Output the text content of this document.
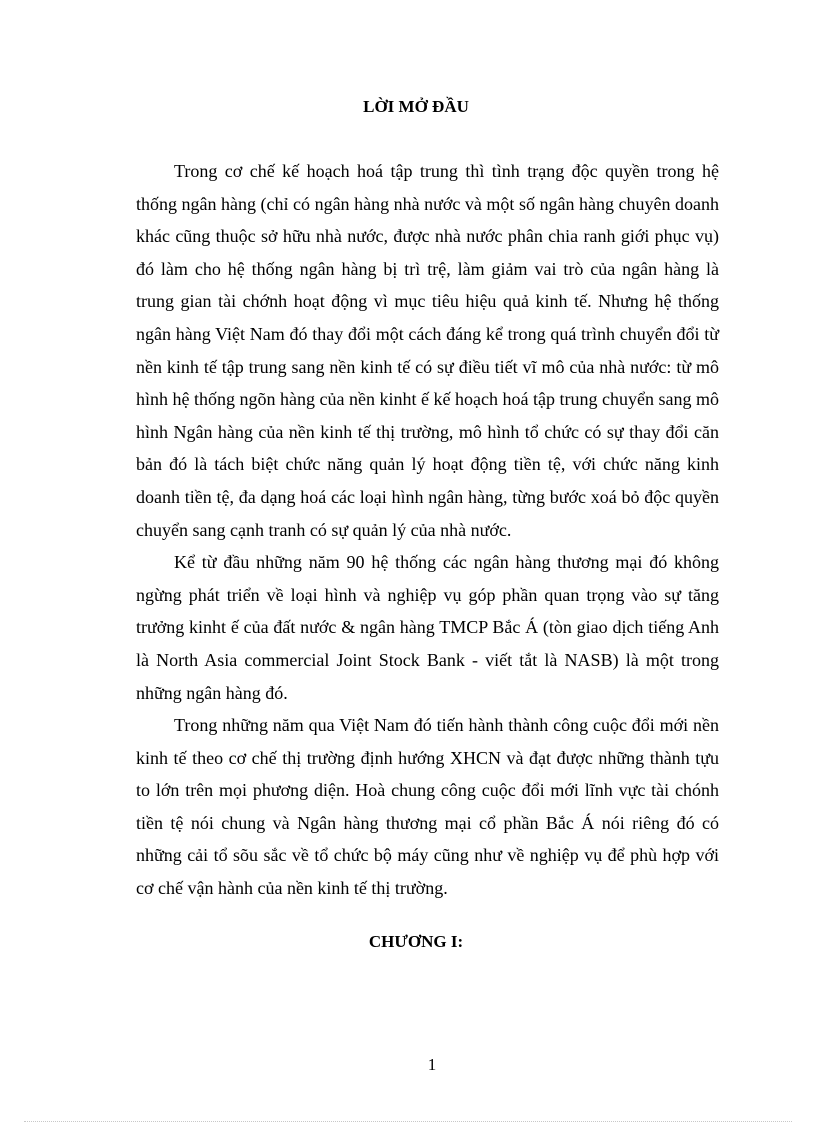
LỜI MỞ ĐẦU

Trong cơ chế kế hoạch hoá tập trung thì tình trạng độc quyền trong hệ thống ngân hàng (chỉ có ngân hàng nhà nước và một số ngân hàng chuyên doanh khác cũng thuộc sở hữu nhà nước, được nhà nước phân chia ranh giới phục vụ) đó làm cho hệ thống ngân hàng bị trì trệ, làm giảm vai trò của ngân hàng là trung gian tài chớnh hoạt động vì mục tiêu hiệu quả kinh tế. Nhưng hệ thống ngân hàng Việt Nam đó thay đổi một cách đáng kể trong quá trình chuyển đổi từ nền kinh tế tập trung sang nền kinh tế có sự điều tiết vĩ mô của nhà nước: từ mô hình hệ thống ngõn hàng của nền kinht ế kế hoạch hoá tập trung chuyển sang mô hình Ngân hàng của nền kinh tế thị trường, mô hình tổ chức có sự thay đổi căn bản đó là tách biệt chức năng quản lý hoạt động tiền tệ, với chức năng kinh doanh tiền tệ, đa dạng hoá các loại hình ngân hàng, từng bước xoá bỏ độc quyền chuyển sang cạnh tranh có sự quản lý của nhà nước.

Kể từ đầu những năm 90 hệ thống các ngân hàng thương mại đó không ngừng phát triển về loại hình và nghiệp vụ góp phần quan trọng vào sự tăng trưởng kinht ế của đất nước & ngân hàng TMCP Bắc Á (tòn giao dịch tiếng Anh là North Asia commercial Joint Stock Bank - viết tắt là NASB) là một trong những ngân hàng đó.

Trong những năm qua Việt Nam đó tiến hành thành công cuộc đổi mới nền kinh tế theo cơ chế thị trường định hướng XHCN và đạt được những thành tựu to lớn trên mọi phương diện. Hoà chung công cuộc đổi mới lĩnh vực tài chónh tiền tệ nói chung và Ngân hàng thương mại cổ phần Bắc Á nói riêng đó có những cải tổ sõu sắc về tổ chức bộ máy cũng như về nghiệp vụ để phù hợp với cơ chế vận hành của nền kinh tế thị trường.

CHƯƠNG I:
1
